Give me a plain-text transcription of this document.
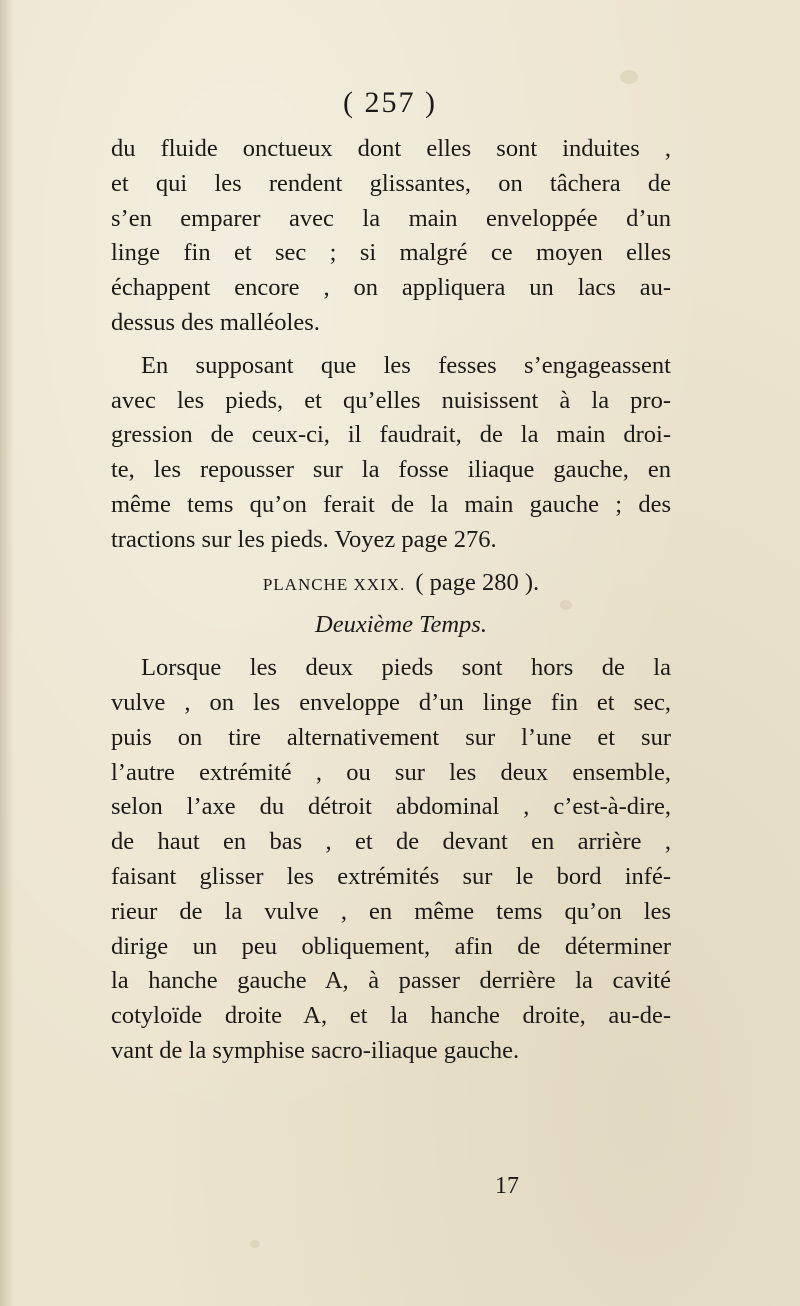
( 257 )
du fluide onctueux dont elles sont induites ,
et qui les rendent glissantes, on tâchera de
s’en emparer avec la main enveloppée d’un
linge fin et sec ; si malgré ce moyen elles
échappent encore , on appliquera un lacs au-
dessus des malléoles.
En supposant que les fesses s’engageassent
avec les pieds, et qu’elles nuisissent à la pro-
gression de ceux-ci, il faudrait, de la main droi-
te, les repousser sur la fosse iliaque gauche, en
même tems qu’on ferait de la main gauche ; des
tractions sur les pieds. Voyez page 276.
PLANCHE XXIX. ( page 280 ).
Deuxième Temps.
Lorsque les deux pieds sont hors de la
vulve , on les enveloppe d’un linge fin et sec,
puis on tire alternativement sur l’une et sur
l’autre extrémité , ou sur les deux ensemble,
selon l’axe du détroit abdominal , c’est-à-dire,
de haut en bas , et de devant en arrière ,
faisant glisser les extrémités sur le bord infé-
rieur de la vulve , en même tems qu’on les
dirige un peu obliquement, afin de déterminer
la hanche gauche A, à passer derrière la cavité
cotyloïde droite A, et la hanche droite, au-de-
vant de la symphise sacro-iliaque gauche.
17
